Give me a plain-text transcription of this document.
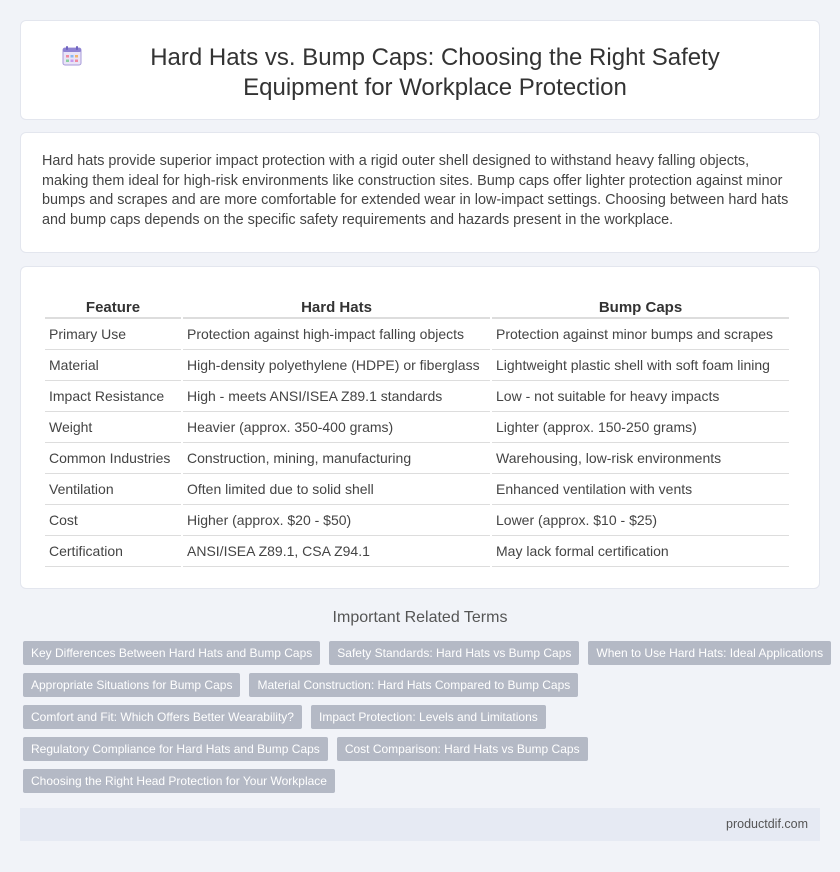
Hard Hats vs. Bump Caps: Choosing the Right Safety Equipment for Workplace Protection

Hard hats provide superior impact protection with a rigid outer shell designed to withstand heavy falling objects, making them ideal for high-risk environments like construction sites. Bump caps offer lighter protection against minor bumps and scrapes and are more comfortable for extended wear in low-impact settings. Choosing between hard hats and bump caps depends on the specific safety requirements and hazards present in the workplace.

Feature	Hard Hats	Bump Caps
Primary Use	Protection against high-impact falling objects	Protection against minor bumps and scrapes
Material	High-density polyethylene (HDPE) or fiberglass	Lightweight plastic shell with soft foam lining
Impact Resistance	High - meets ANSI/ISEA Z89.1 standards	Low - not suitable for heavy impacts
Weight	Heavier (approx. 350-400 grams)	Lighter (approx. 150-250 grams)
Common Industries	Construction, mining, manufacturing	Warehousing, low-risk environments
Ventilation	Often limited due to solid shell	Enhanced ventilation with vents
Cost	Higher (approx. $20 - $50)	Lower (approx. $10 - $25)
Certification	ANSI/ISEA Z89.1, CSA Z94.1	May lack formal certification
Important Related Terms
Key Differences Between Hard Hats and Bump Caps	Safety Standards: Hard Hats vs Bump Caps	When to Use Hard Hats: Ideal Applications
Appropriate Situations for Bump Caps	Material Construction: Hard Hats Compared to Bump Caps
Comfort and Fit: Which Offers Better Wearability?	Impact Protection: Levels and Limitations
Regulatory Compliance for Hard Hats and Bump Caps	Cost Comparison: Hard Hats vs Bump Caps
Choosing the Right Head Protection for Your Workplace
productdif.com
